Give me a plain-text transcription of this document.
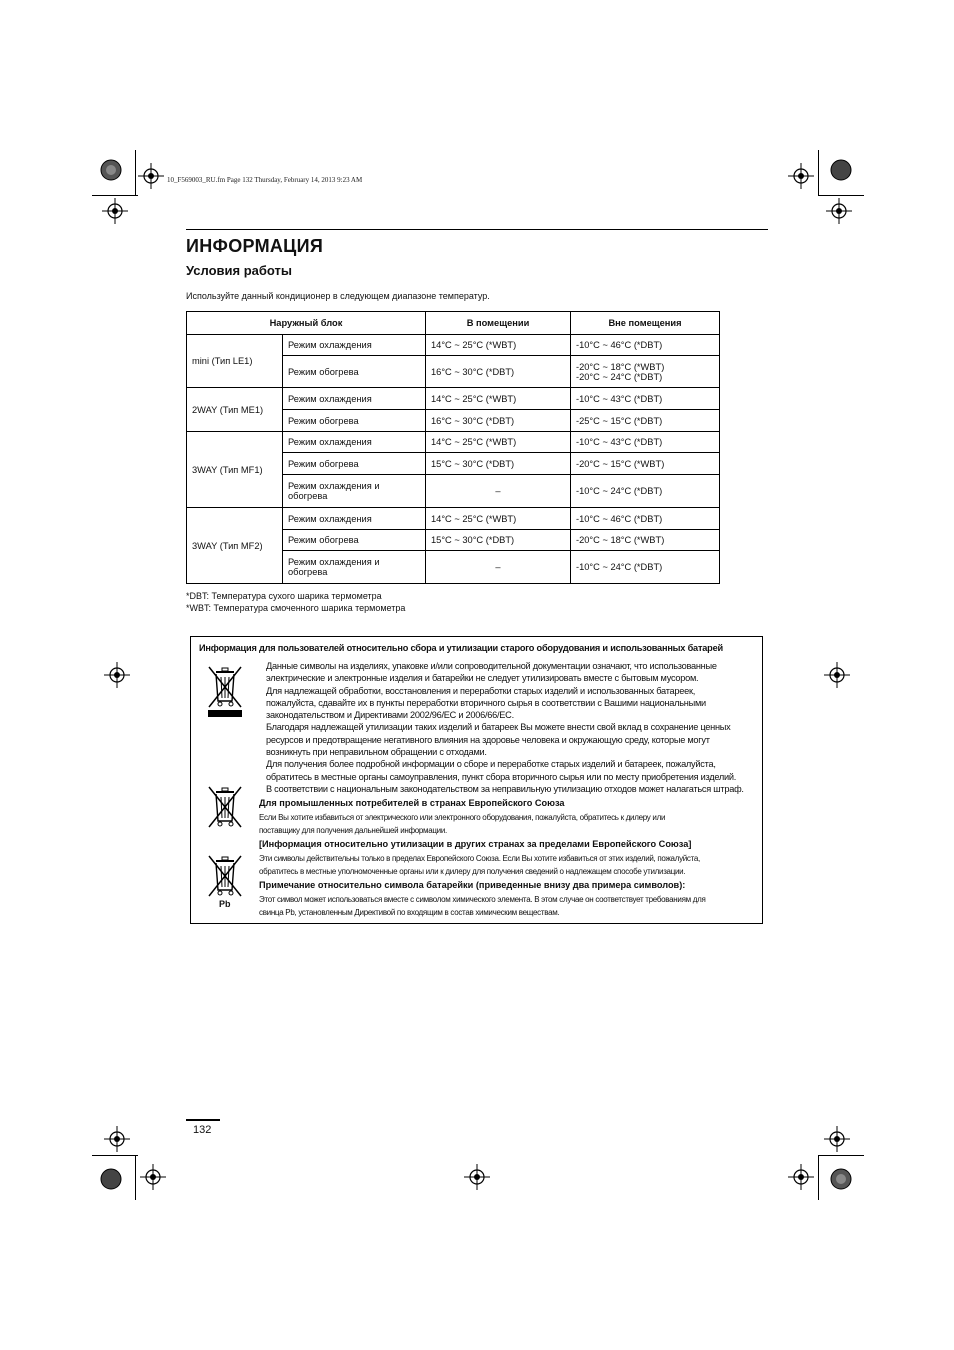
10_F569003_RU.fm Page 132 Thursday, February 14, 2013 9:23 AM
ИНФОРМАЦИЯ
Условия работы
Используйте данный кондиционер в следующем диапазоне температур.
Наружный блок		В помещении	Вне помещения
mini (Тип LE1)	Режим охлаждения	14°C ~ 25°C (*WBT)	-10°C ~ 46°C (*DBT)
	Режим обогрева	16°C ~ 30°C (*DBT)	-20°C ~ 18°C (*WBT)
-20°C ~ 24°C (*DBT)

2WAY (Тип ME1)	Режим охлаждения	14°C ~ 25°C (*WBT)	-10°C ~ 43°C (*DBT)
	Режим обогрева	16°C ~ 30°C (*DBT)	-25°C ~ 15°C (*DBT)
3WAY (Тип MF1)	Режим охлаждения	14°C ~ 25°C (*WBT)	-10°C ~ 43°C (*DBT)
	Режим обогрева	15°C ~ 30°C (*DBT)	-20°C ~ 15°C (*WBT)

	Режим охлаждения и
обогрева	–	-10°C ~ 24°C (*DBT)
3WAY (Тип MF2)	Режим охлаждения	14°C ~ 25°C (*WBT)	-10°C ~ 46°C (*DBT)
	Режим обогрева	15°C ~ 30°C (*DBT)	-20°C ~ 18°C (*WBT)

	Режим охлаждения и
обогрева	–	-10°C ~ 24°C (*DBT)
*DBT: Температура сухого шарика термометра
*WBT: Температура смоченного шарика термометра
Информация для пользователей относительно сбора и утилизации старого оборудования и использованных батарей
Pb
Данные символы на изделиях, упаковке и/или сопроводительной документации означают, что использованные
электрические и электронные изделия и батарейки не следует утилизировать вместе с бытовым мусором.
Для надлежащей обработки, восстановления и переработки старых изделий и использованных батареек,
пожалуйста, сдавайте их в пункты переработки вторичного сырья в соответствии с Вашими национальными
законодательством и Директивами 2002/96/EC и 2006/66/EC.
Благодаря надлежащей утилизации таких изделий и батареек Вы можете внести свой вклад в сохранение ценных
ресурсов и предотвращение негативного влияния на здоровье человека и окружающую среду, которые могут
возникнуть при неправильном обращении с отходами.
Для получения более подробной информации о сборе и переработке старых изделий и батареек, пожалуйста,
обратитесь в местные органы самоуправления, пункт сбора вторичного сырья или по месту приобретения изделий.
В соответствии с национальным законодательством за неправильную утилизацию отходов может налагаться штраф.
Для промышленных потребителей в странах Европейского Союза
Если Вы хотите избавиться от электрического или электронного оборудования, пожалуйста, обратитесь к дилеру или
поставщику для получения дальнейшей информации.
[Информация относительно утилизации в других странах за пределами Европейского Союза]
Эти символы действительны только в пределах Европейского Союза. Если Вы хотите избавиться от этих изделий, пожалуйста,
обратитесь в местные уполномоченные органы или к дилеру для получения сведений о надлежащем способе утилизации.
Примечание относительно символа батарейки (приведенные внизу два примера символов):
Этот символ может использоваться вместе с символом химического элемента. В этом случае он соответствует требованиям для
свинца Pb, установленным Директивой по входящим в состав химическим веществам.
132
